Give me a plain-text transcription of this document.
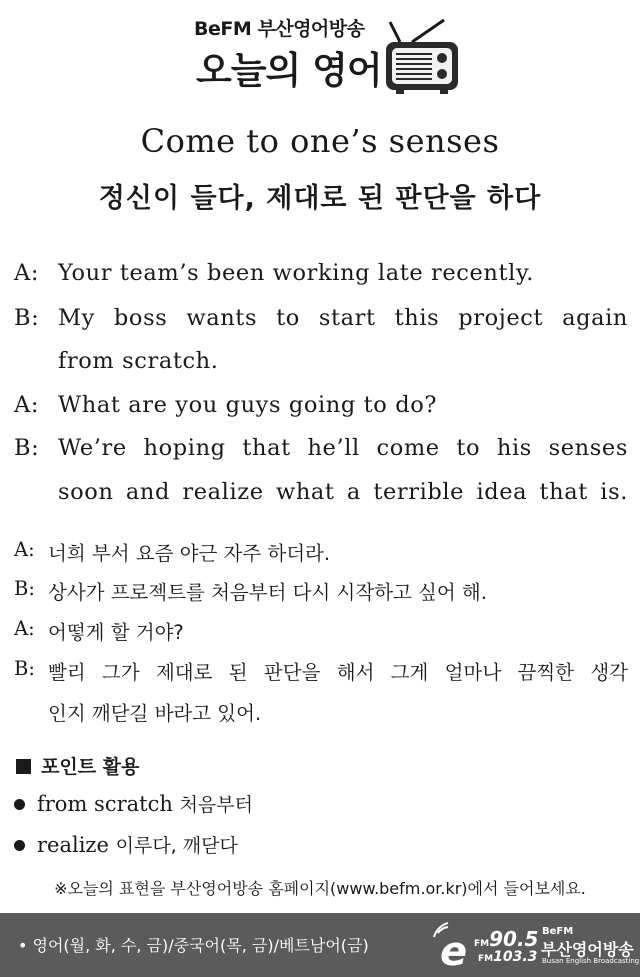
BeFM 부산영어방송
오늘의 영어
Come to one’s senses
정신이 들다, 제대로 된 판단을 하다
A: Your team’s been working late recently.
B: My boss wants to start this project again
from scratch.
A: What are you guys going to do?
B: We’re hoping that he’ll come to his senses
soon and realize what a terrible idea that is.
A: 너희 부서 요즘 야근 자주 하더라.
B: 상사가 프로젝트를 처음부터 다시 시작하고 싶어 해.
A: 어떻게 할 거야?
B: 빨리 그가 제대로 된 판단을 해서 그게 얼마나 끔찍한 생각
인지 깨닫길 바라고 있어.
포인트 활용
from scratch 처음부터
realize 이루다, 깨닫다
※오늘의 표현을 부산영어방송 홈페이지(www.befm.or.kr)에서 들어보세요.
• 영어(월, 화, 수, 금)/중국어(목, 금)/베트남어(금) e FM90.5
FM103.3
BeFM
부산영어방송
Busan English Broadcasting
